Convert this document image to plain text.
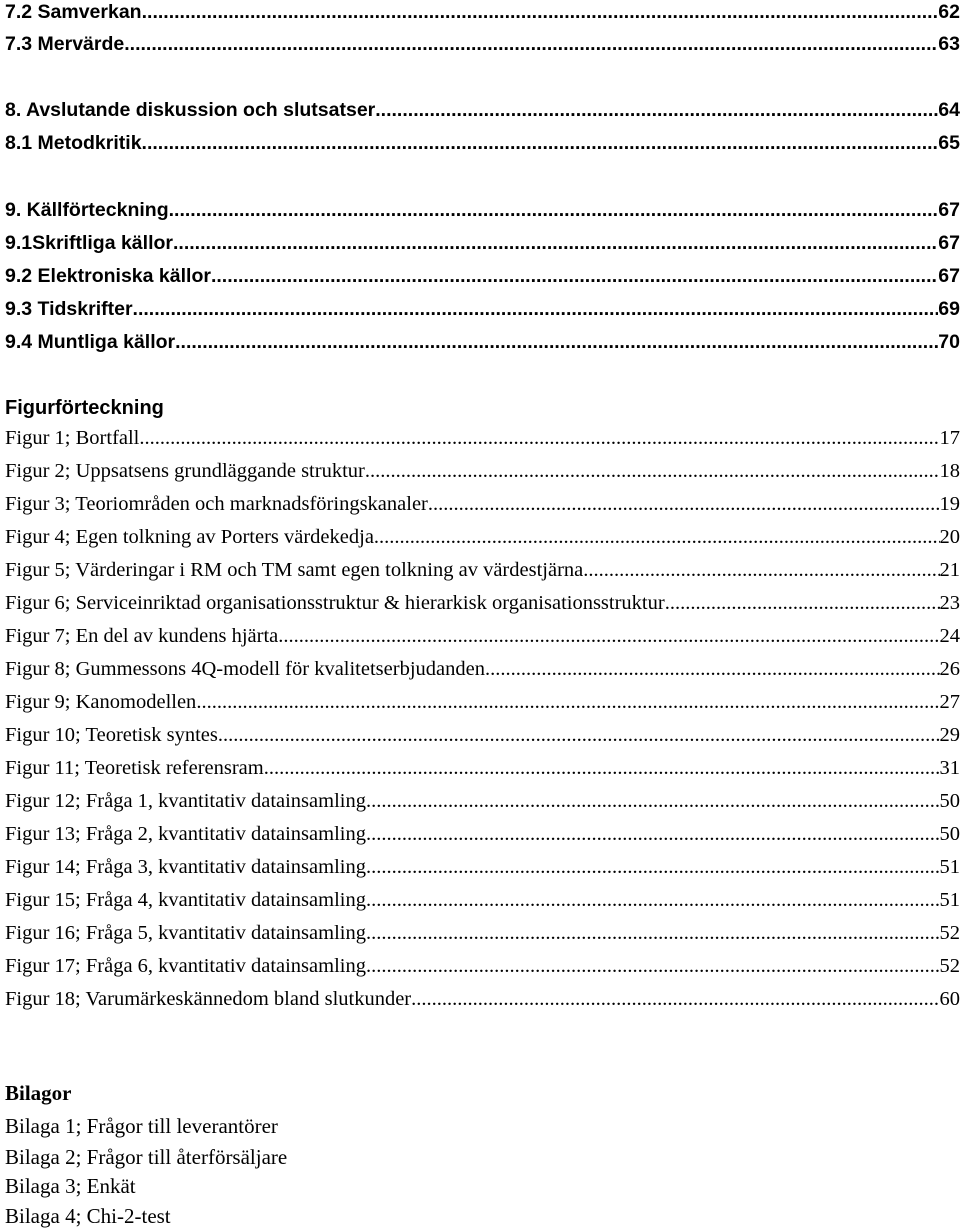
7.2 Samverkan .....	62
7.3 Mervärde .....	63
8. Avslutande diskussion och slutsatser .....	64
8.1 Metodkritik .....	65
9. Källförteckning .....	67
9.1Skriftliga källor .....	67
9.2 Elektroniska källor .....	67
9.3 Tidskrifter .....	69
9.4 Muntliga källor .....	70
Figurförteckning
Figur 1; Bortfall .....	17
Figur 2; Uppsatsens grundläggande struktur .....	18
Figur 3; Teoriområden och marknadsföringskanaler .....	19
Figur 4; Egen tolkning av Porters värdekedja .....	20
Figur 5; Värderingar i RM och TM samt egen tolkning av värdestjärna .....	21
Figur 6; Serviceinriktad organisationsstruktur & hierarkisk organisationsstruktur .....	23
Figur 7; En del av kundens hjärta .....	24
Figur 8; Gummessons 4Q-modell för kvalitetserbjudanden .....	26
Figur 9; Kanomodellen .....	27
Figur 10; Teoretisk syntes .....	29
Figur 11; Teoretisk referensram .....	31
Figur 12; Fråga 1, kvantitativ datainsamling .....	50
Figur 13; Fråga 2, kvantitativ datainsamling .....	50
Figur 14; Fråga 3, kvantitativ datainsamling .....	51
Figur 15; Fråga 4, kvantitativ datainsamling .....	51
Figur 16; Fråga 5, kvantitativ datainsamling .....	52
Figur 17; Fråga 6, kvantitativ datainsamling .....	52
Figur 18; Varumärkeskännedom bland slutkunder .....	60
Bilagor
Bilaga 1; Frågor till leverantörer
Bilaga 2; Frågor till återförsäljare
Bilaga 3; Enkät
Bilaga 4; Chi-2-test
